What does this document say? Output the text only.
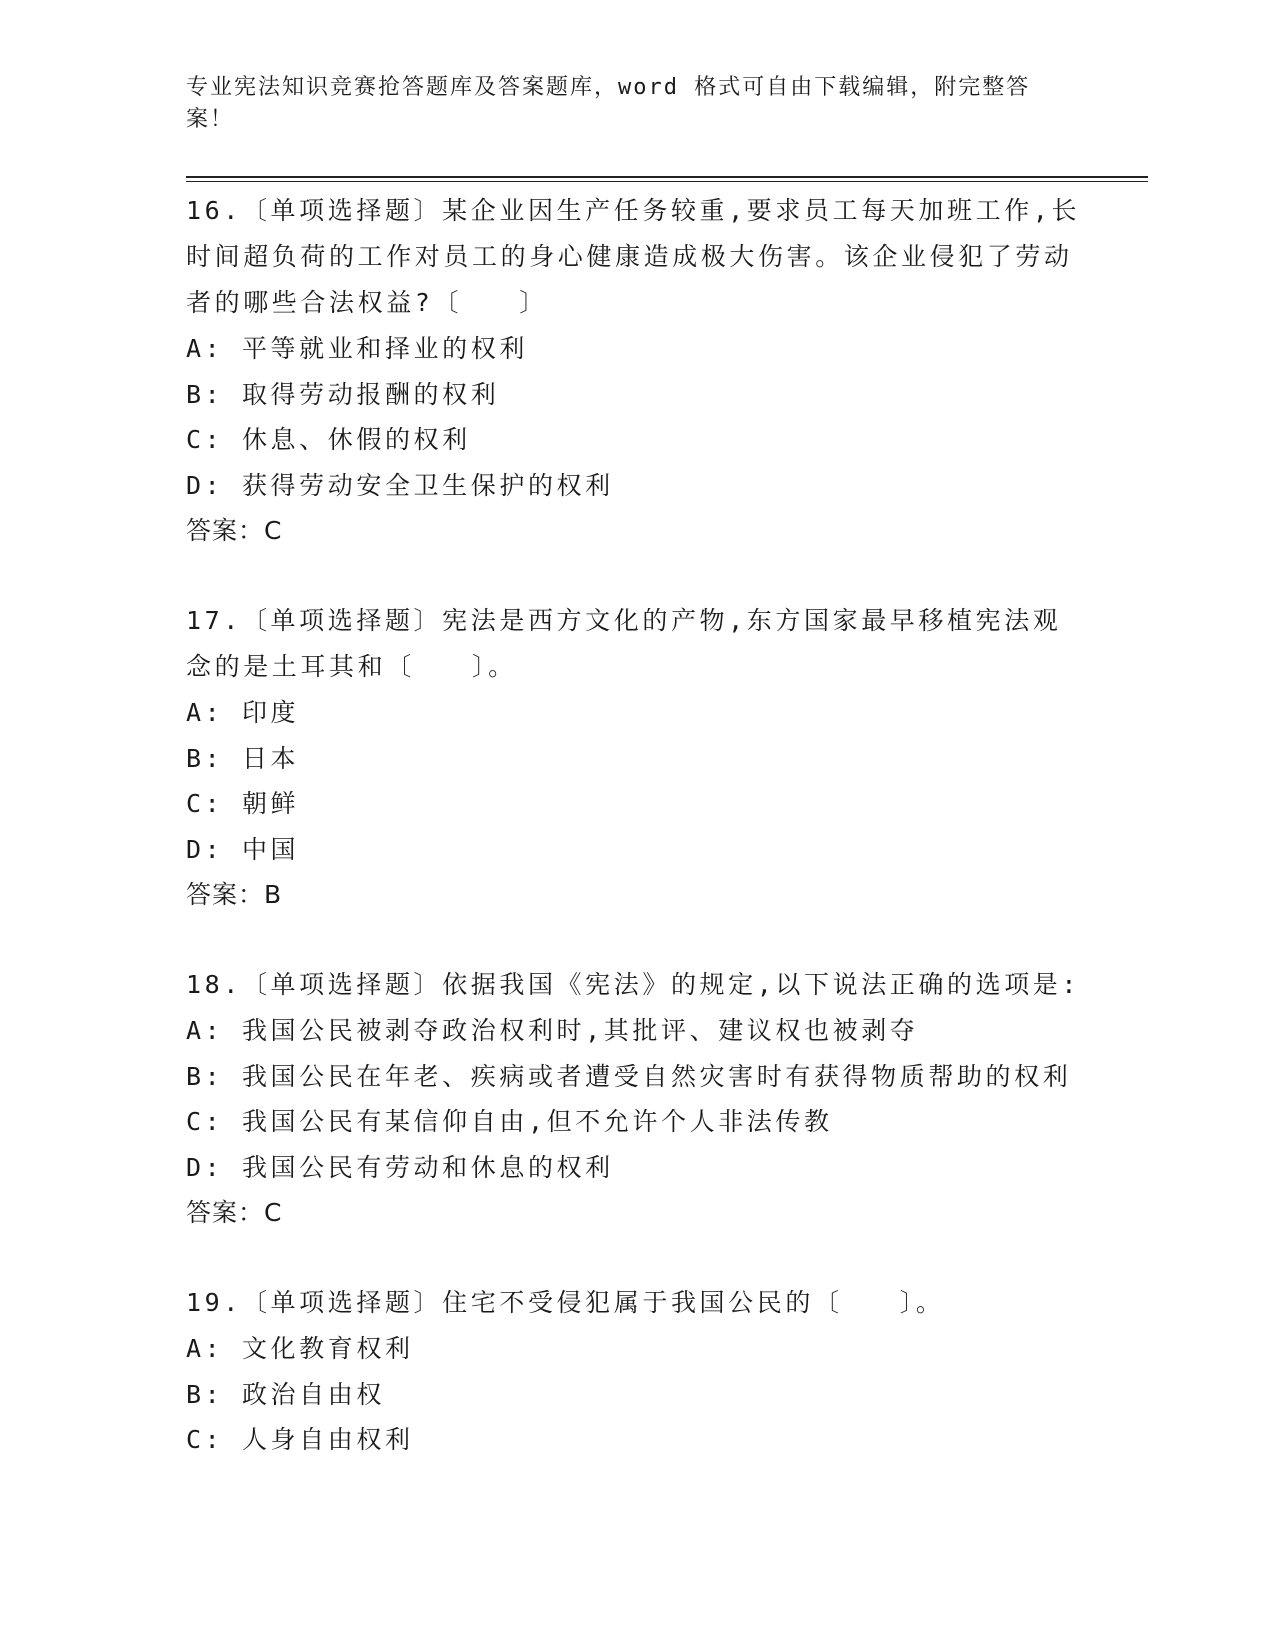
专业宪法知识竞赛抢答题库及答案题库，word 格式可自由下载编辑，附完整答案！

16.〔单项选择题〕某企业因生产任务较重,要求员工每天加班工作,长时间超负荷的工作对员工的身心健康造成极大伤害。该企业侵犯了劳动者的哪些合法权益?〔　　〕

A: 平等就业和择业的权利

B: 取得劳动报酬的权利

C: 休息、休假的权利

D: 获得劳动安全卫生保护的权利

答案：C

17.〔单项选择题〕宪法是西方文化的产物,东方国家最早移植宪法观念的是土耳其和〔　　〕。

A: 印度

B: 日本

C: 朝鲜

D: 中国

答案：B

18.〔单项选择题〕依据我国《宪法》的规定,以下说法正确的选项是:

A: 我国公民被剥夺政治权利时,其批评、建议权也被剥夺

B: 我国公民在年老、疾病或者遭受自然灾害时有获得物质帮助的权利

C: 我国公民有某信仰自由,但不允许个人非法传教

D: 我国公民有劳动和休息的权利

答案：C

19.〔单项选择题〕住宅不受侵犯属于我国公民的〔　　〕。

A: 文化教育权利

B: 政治自由权

C: 人身自由权利
